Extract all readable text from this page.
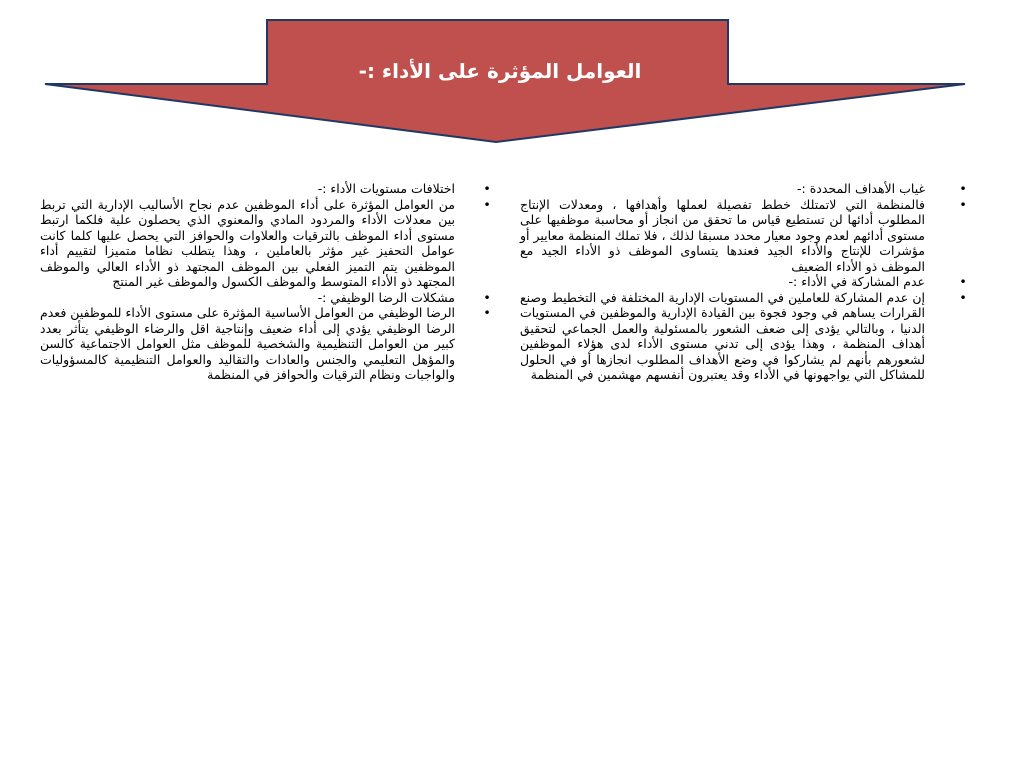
العوامل المؤثرة على الأداء :-
•
غياب الأهداف المحددة :-
•
فالمنظمة التي لاتمتلك خطط تفصيلة لعملها وأهدافها ، ومعدلات الإنتاج المطلوب أدائها لن تستطيع قياس ما تحقق من انجاز أو محاسبة موظفيها على مستوى أدائهم لعدم وجود معيار محدد مسبقا لذلك ، فلا تملك المنظمة معايير أو مؤشرات للإنتاج والأداء الجيد فعندها يتساوى الموظف ذو الأداء الجيد مع الموظف ذو الأداء الضعيف
•
عدم المشاركة في الأداء :-
•
إن عدم المشاركة للعاملين في المستويات الإدارية المختلفة في التخطيط وصنع القرارات يساهم في وجود فجوة بين القيادة الإدارية والموظفين في المستويات الدنيا ، وبالتالي يؤدى إلى ضعف الشعور بالمسئولية والعمل الجماعي لتحقيق أهداف المنظمة ، وهذا يؤدى إلى تدني مستوى الأداء لدى هؤلاء الموظفين لشعورهم بأنهم لم يشاركوا في وضع الأهداف المطلوب انجازها أو في الحلول للمشاكل التي يواجهونها في الأداء وقد يعتبرون أنفسهم مهشمين في المنظمة
•
اختلافات مستويات الأداء :-
•
من العوامل المؤثرة على أداء الموظفين عدم نجاح الأساليب الإدارية التي تربط بين معدلات الأداء والمردود المادي والمعنوي الذي يحصلون علية فلكما ارتبط مستوى أداء الموظف بالترقيات والعلاوات والحوافز التي يحصل عليها كلما كانت عوامل التحفيز غير مؤثر بالعاملين ، وهذا يتطلب نظاما متميزا لتقييم أداء الموظفين يتم التميز الفعلي بين الموظف المجتهد ذو الأداء العالي والموظف المجتهد ذو الأداء المتوسط والموظف الكسول والموظف غير المنتج
•
مشكلات الرضا الوظيفي :-
•
الرضا الوظيفي من العوامل الأساسية المؤثرة على مستوى الأداء للموظفين فعدم الرضا الوظيفي يؤدي إلى أداء ضعيف وإنتاجية اقل والرضاء الوظيفي يتأثر بعدد كبير من العوامل التنظيمية والشخصية للموظف مثل العوامل الاجتماعية كالسن والمؤهل التعليمي والجنس والعادات والتقاليد والعوامل التنظيمية كالمسؤوليات والواجبات ونظام الترقيات والحوافز في المنظمة
